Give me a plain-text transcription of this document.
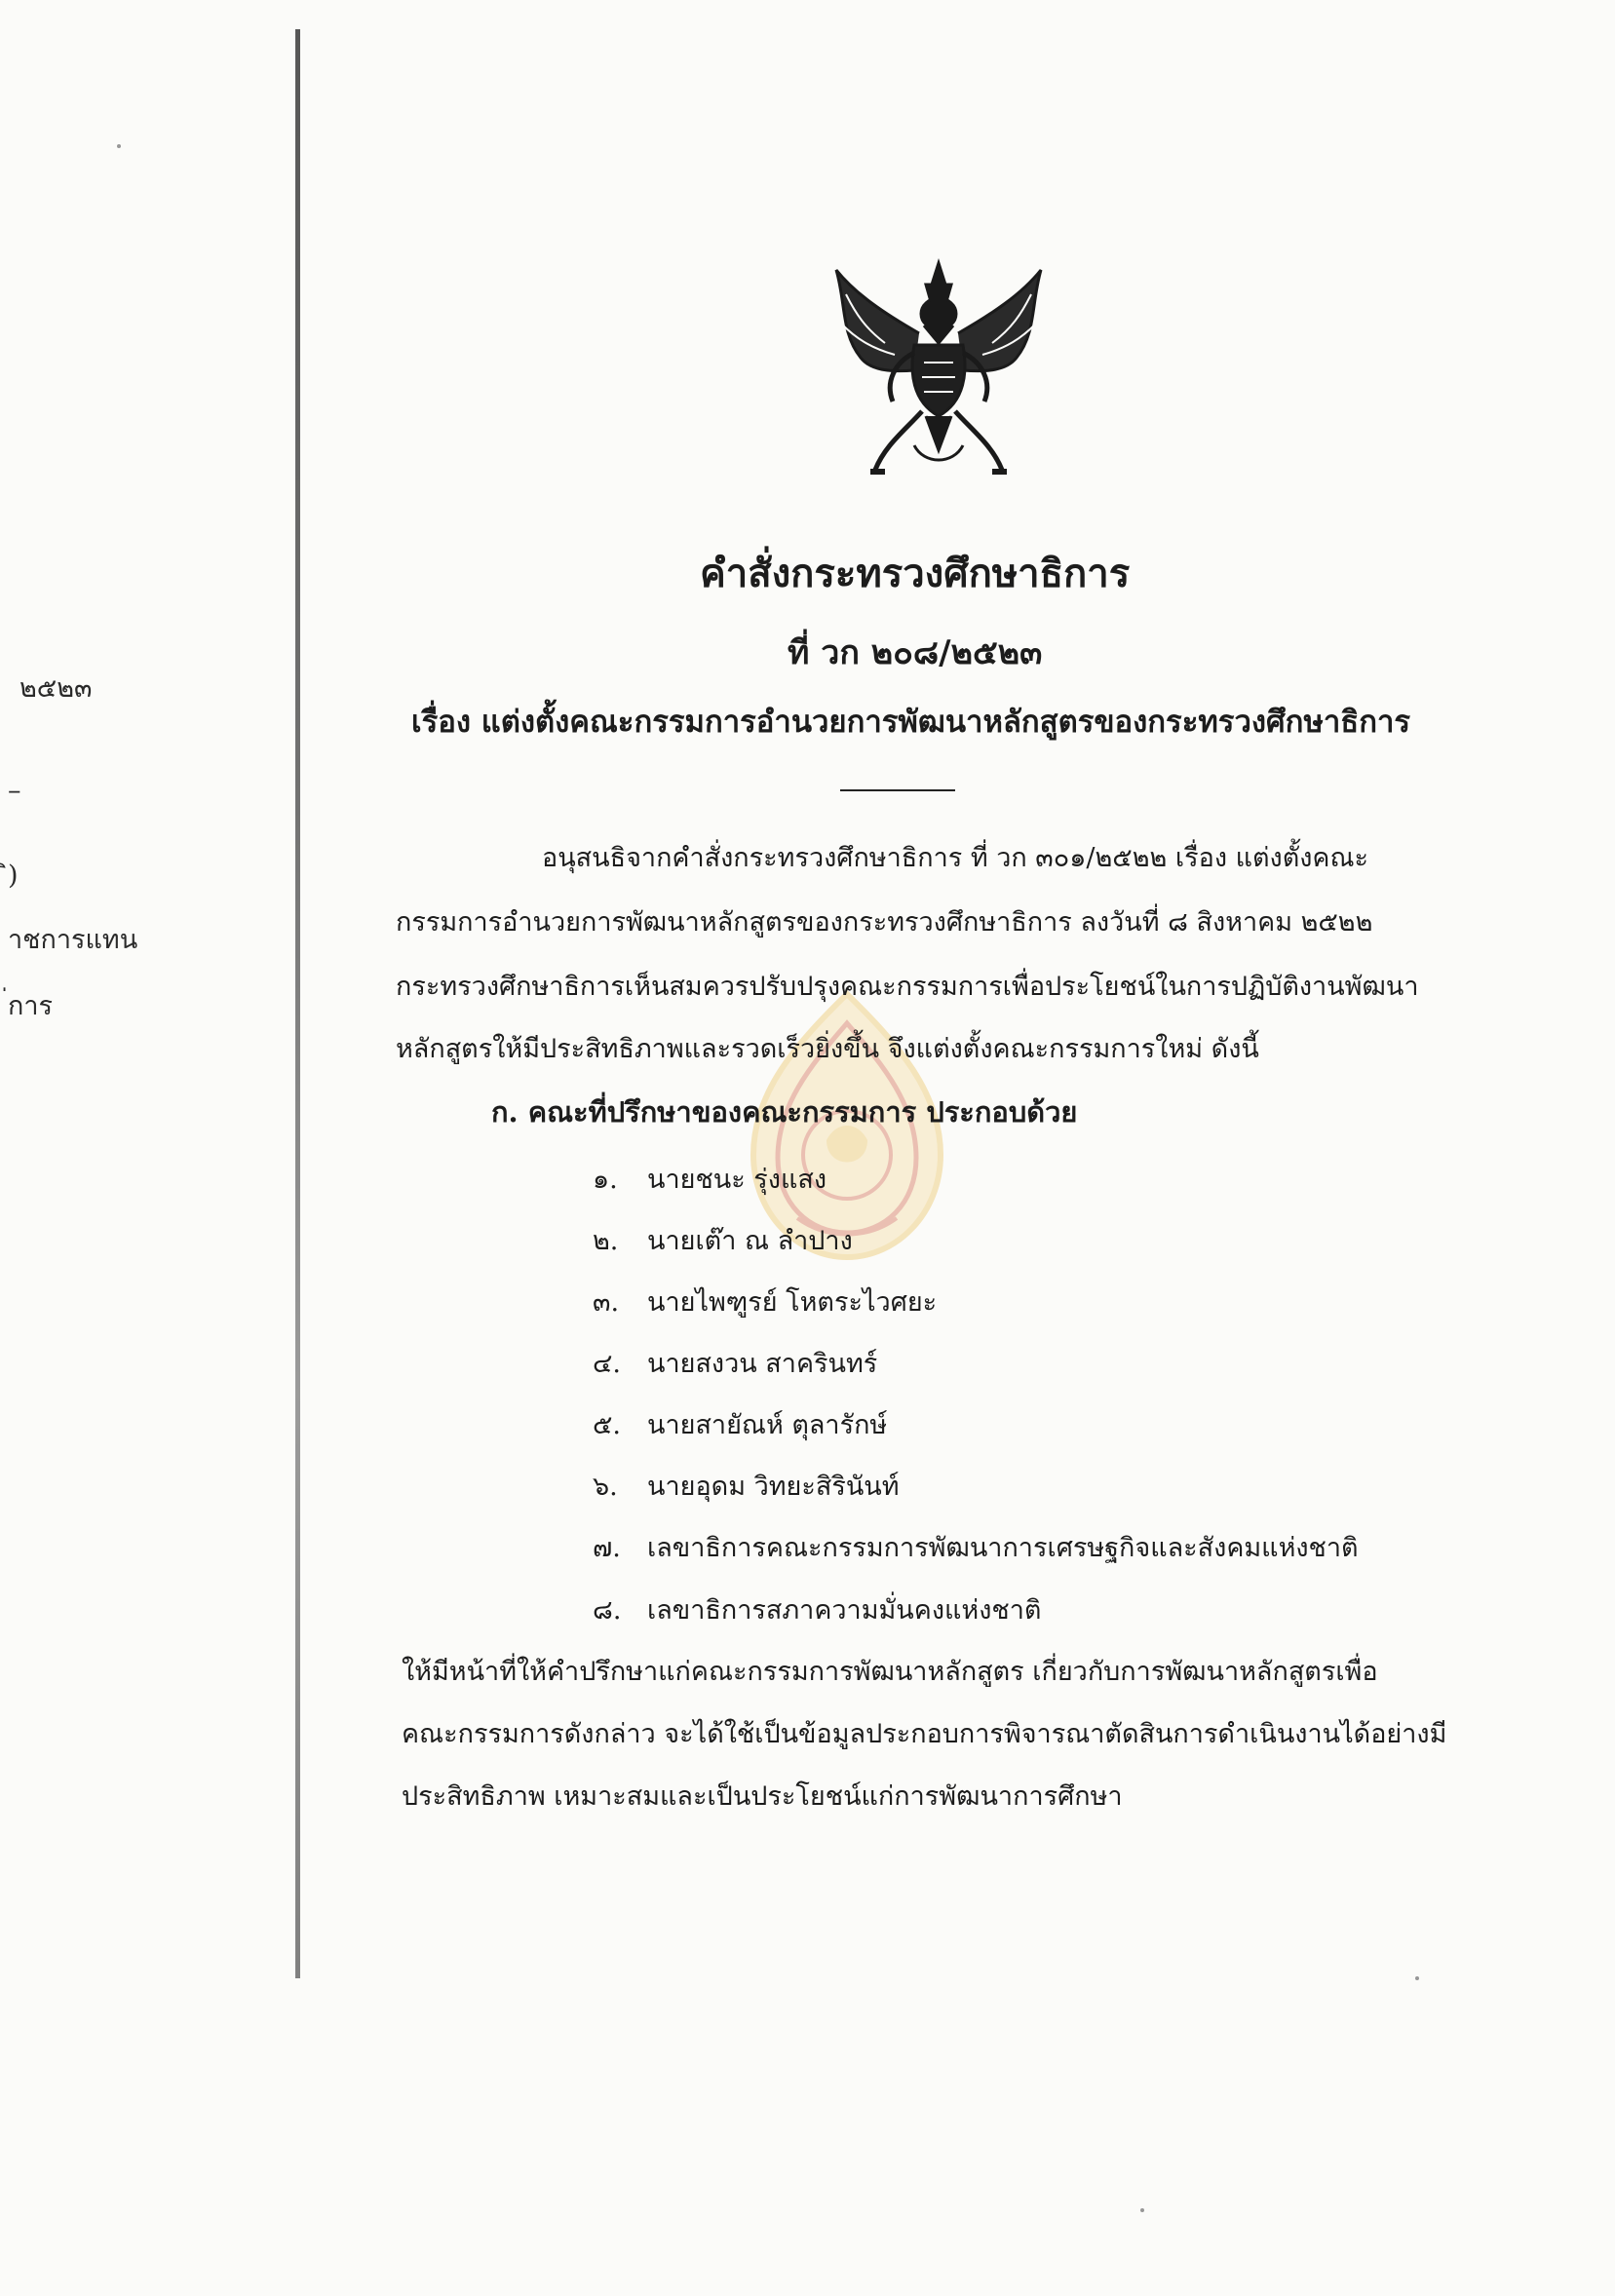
๒๕๒๓
–
ิ)
าชการแทน
่การ
คำสั่งกระทรวงศึกษาธิการ
ที่ วก ๒๐๘/๒๕๒๓
เรื่อง แต่งตั้งคณะกรรมการอำนวยการพัฒนาหลักสูตรของกระทรวงศึกษาธิการ
อนุสนธิจากคำสั่งกระทรวงศึกษาธิการ ที่ วก ๓๐๑/๒๕๒๒ เรื่อง แต่งตั้งคณะ
กรรมการอำนวยการพัฒนาหลักสูตรของกระทรวงศึกษาธิการ ลงวันที่ ๘ สิงหาคม ๒๕๒๒
กระทรวงศึกษาธิการเห็นสมควรปรับปรุงคณะกรรมการเพื่อประโยชน์ในการปฏิบัติงานพัฒนา
หลักสูตรให้มีประสิทธิภาพและรวดเร็วยิ่งขึ้น จึงแต่งตั้งคณะกรรมการใหม่ ดังนี้
ก. คณะที่ปรึกษาของคณะกรรมการ ประกอบด้วย
๑. นายชนะ รุ่งแสง
๒. นายเต๊า ณ ลำปาง
๓. นายไพฑูรย์ โหตระไวศยะ
๔. นายสงวน สาครินทร์
๕. นายสายัณห์ ตุลารักษ์
๖. นายอุดม วิทยะสิรินันท์
๗. เลขาธิการคณะกรรมการพัฒนาการเศรษฐกิจและสังคมแห่งชาติ
๘. เลขาธิการสภาความมั่นคงแห่งชาติ
ให้มีหน้าที่ให้คำปรึกษาแก่คณะกรรมการพัฒนาหลักสูตร เกี่ยวกับการพัฒนาหลักสูตรเพื่อ
คณะกรรมการดังกล่าว จะได้ใช้เป็นข้อมูลประกอบการพิจารณาตัดสินการดำเนินงานได้อย่างมี
ประสิทธิภาพ เหมาะสมและเป็นประโยชน์แก่การพัฒนาการศึกษา
